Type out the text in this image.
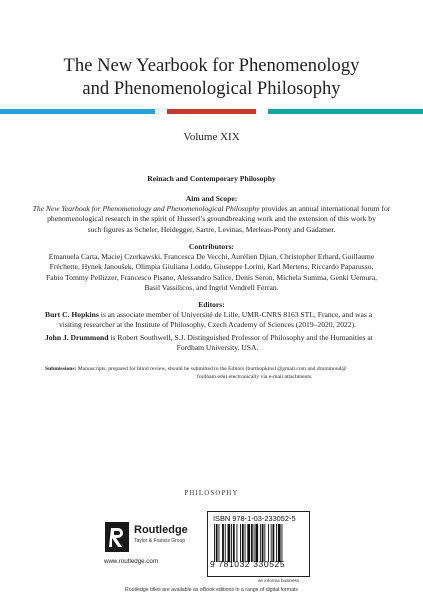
The New Yearbook for Phenomenology
and Phenomenological Philosophy
Volume XIX
Reinach and Contemporary Philosophy
Aim and Scope:
The New Yearbook for Phenomenology and Phenomenological Philosophy provides an annual international forum for
phenomenological research in the spirit of Husserl’s groundbreaking work and the extension of this work by
such figures as Scheler, Heidegger, Sartre, Levinas, Merleau-Ponty and Gadamer.
Contributors:
Emanuela Carta, Maciej Czerkawski, Francesca De Vecchi, Aurélien Djian, Christopher Erhard, Guillaume
Fréchette, Hynek Janoušek, Olimpia Giuliana Loddo, Giuseppe Lorini, Karl Mertens, Riccardo Paparusso,
Fabio Tommy Pellizzer, Francesco Pisano, Alessandro Salice, Denis Seron, Michela Summa, Genki Uemura,
Basil Vassilicos, and Ingrid Vendrell Ferran.
Editors:
Burt C. Hopkins is an associate member of Université de Lille, UMR-CNRS 8163 STL, France, and was a
visiting researcher at the Institute of Philosophy, Czech Academy of Sciences (2019–2020, 2022).
John J. Drummond is Robert Southwell, S.J. Distinguished Professor of Philosophy and the Humanities at
Fordham University, USA.
Submissions: Manuscripts, prepared for blind review, should be submitted to the Editors (burthopkins1@gmail.com and drummond@
fordham.edu) electronically via e-mail attachments.
PHILOSOPHY
Routledge
Taylor & Francis Group
www.routledge.com
ISBN 978-1-03-233052-5
9 781032 330525
an informa business
Routledge titles are available as eBook editions in a range of digital formats
